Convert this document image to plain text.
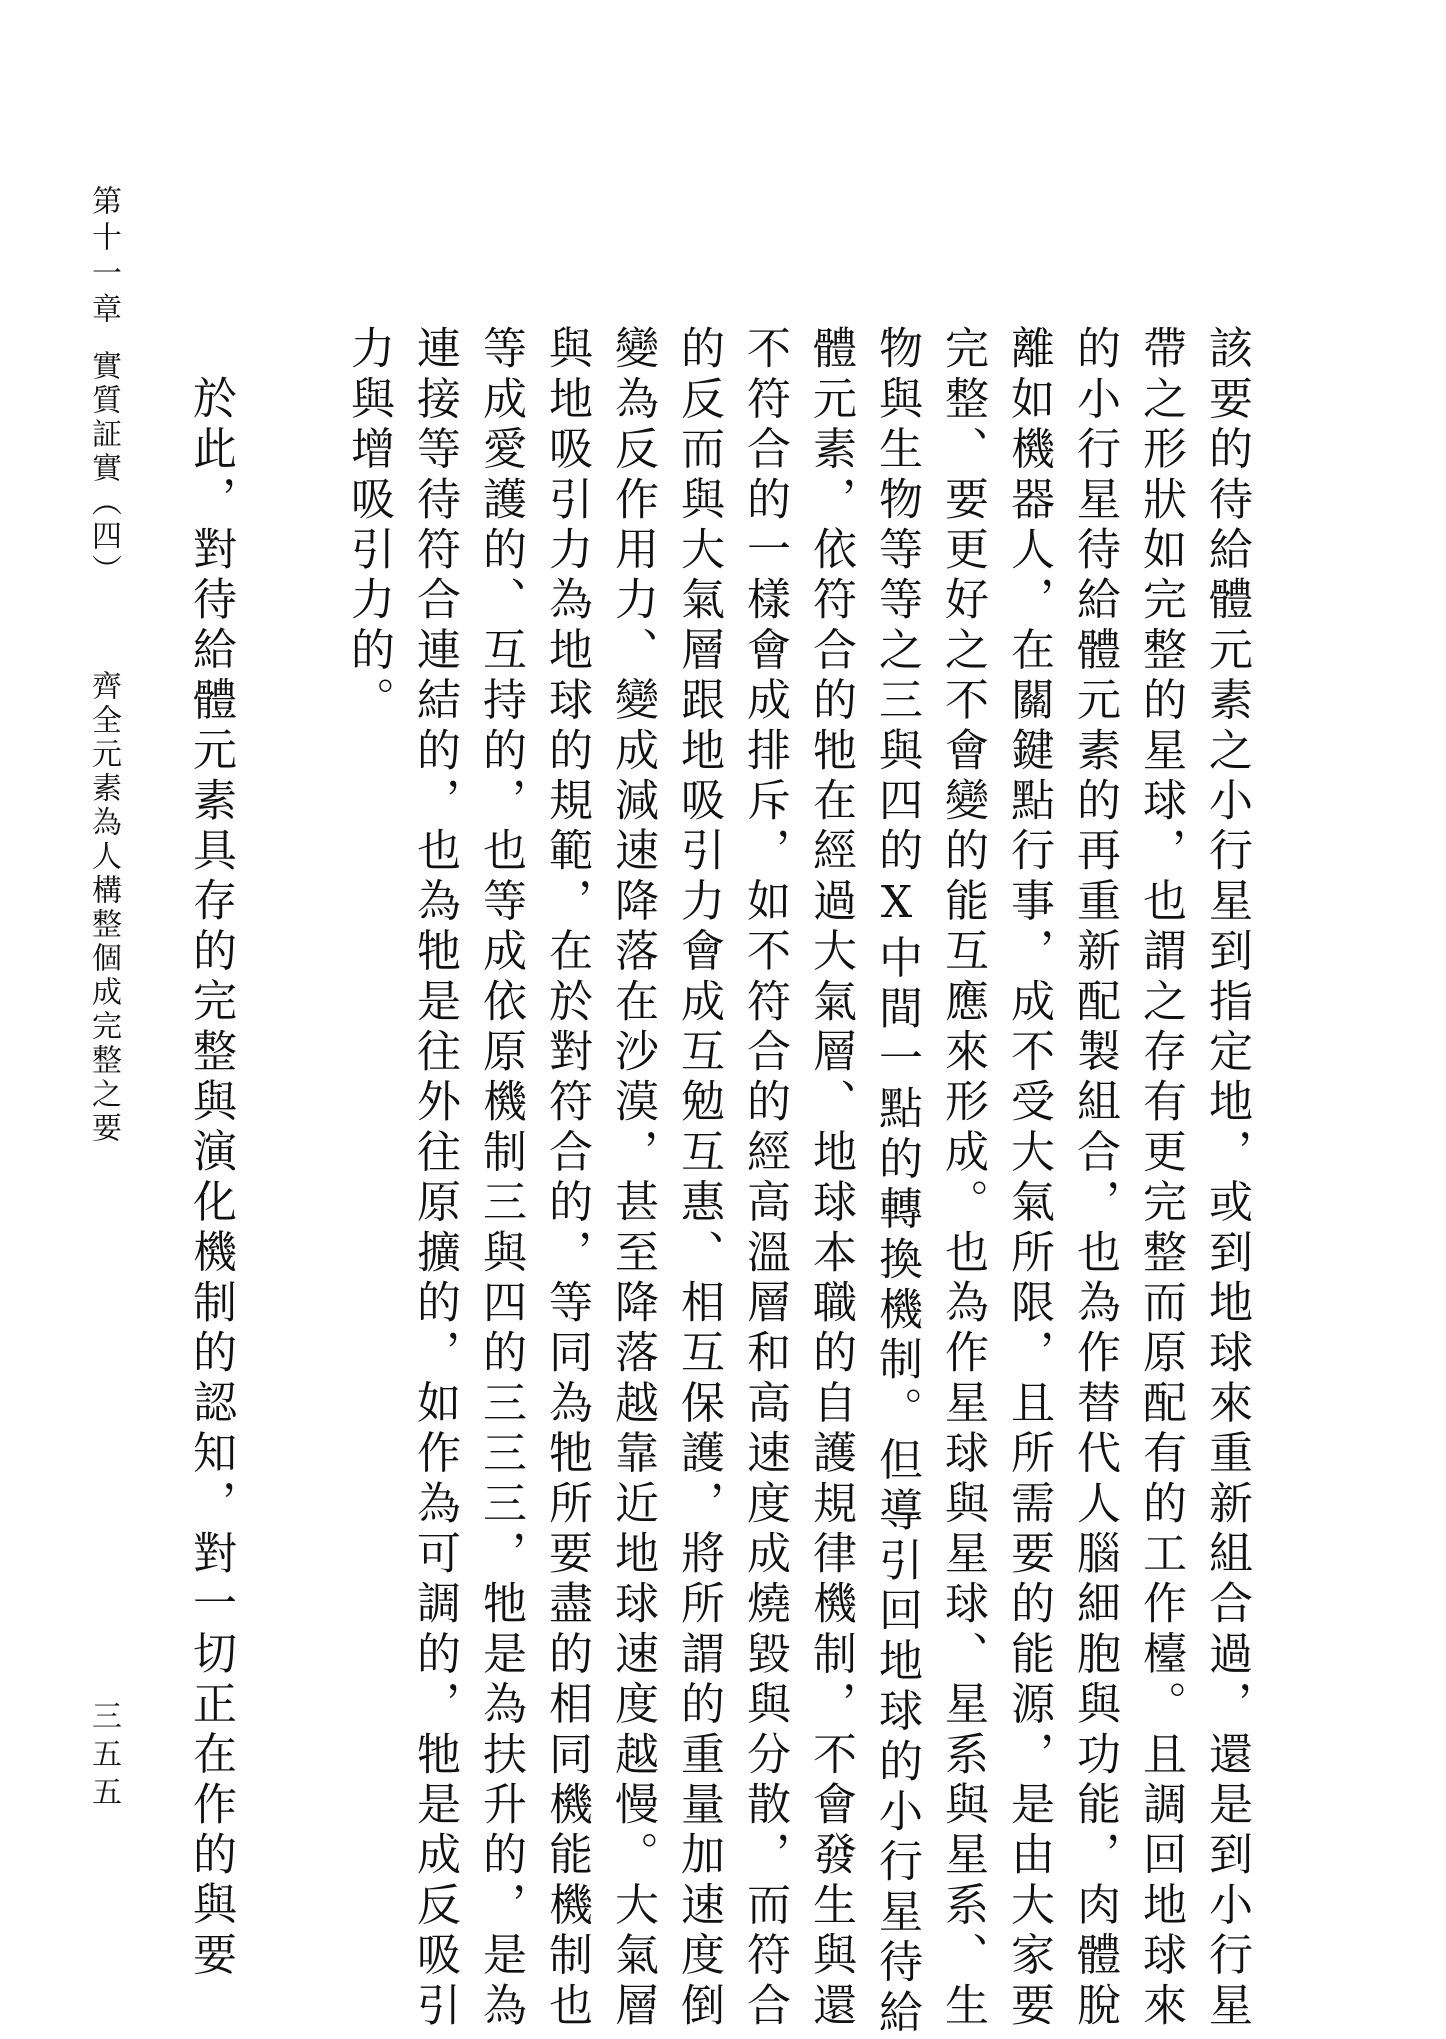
第十一章
實質証實（四）
齊全元素為人構整個成完整之要
三五五	該要的待給體元素之小行星到指定地，或到地球來重新組合過，還是到小行星
帶之形狀如完整的星球，也謂之存有更完整而原配有的工作檯。且調回地球來
的小行星待給體元素的再重新配製組合，也為作替代人腦細胞與功能，肉體脫
離如機器人，在關鍵點行事，成不受大氣所限，且所需要的能源，是由大家要
完整、要更好之不會變的能互應來形成。也為作星球與星球、星系與星系、生
物與生物等等之三與四的X中間一點的轉換機制。但導引回地球的小行星待給
體元素，依符合的牠在經過大氣層、地球本職的自護規律機制，不會發生與還
不符合的一樣會成排斥，如不符合的經高溫層和高速度成燒毀與分散，而符合
的反而與大氣層跟地吸引力會成互勉互惠、相互保護，將所謂的重量加速度倒
變為反作用力、變成減速降落在沙漠，甚至降落越靠近地球速度越慢。大氣層
與地吸引力為地球的規範，在於對符合的，等同為牠所要盡的相同機能機制也
等成愛護的、互持的，也等成依原機制三與四的三三三，牠是為扶升的，是為
連接等待符合連結的，也為牠是往外往原擴的，如作為可調的，牠是成反吸引
力與增吸引力的。
於此，對待給體元素具存的完整與演化機制的認知，對一切正在作的與要
